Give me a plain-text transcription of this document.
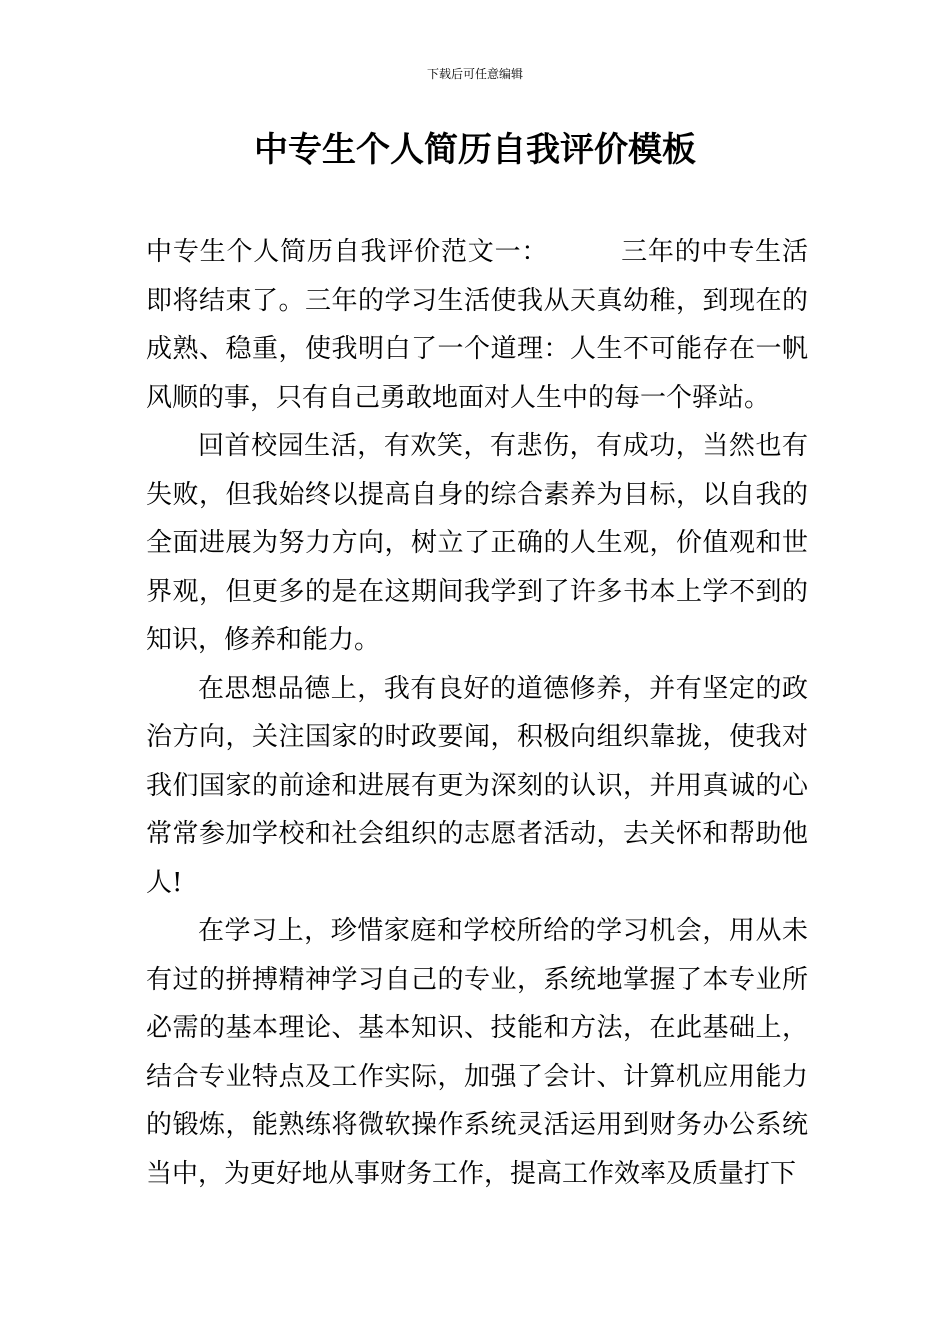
下载后可任意编辑
中专生个人简历自我评价模板

中专生个人简历自我评价范文一：	三年的中专生活即将结束了。三年的学习生活使我从天真幼稚，到现在的成熟、稳重，使我明白了一个道理：人生不可能存在一帆风顺的事，只有自己勇敢地面对人生中的每一个驿站。

回首校园生活，有欢笑，有悲伤，有成功，当然也有失败，但我始终以提高自身的综合素养为目标，以自我的全面进展为努力方向，树立了正确的人生观，价值观和世界观，但更多的是在这期间我学到了许多书本上学不到的知识，修养和能力。

在思想品德上，我有良好的道德修养，并有坚定的政治方向，关注国家的时政要闻，积极向组织靠拢，使我对我们国家的前途和进展有更为深刻的认识，并用真诚的心常常参加学校和社会组织的志愿者活动，去关怀和帮助他人!

在学习上，珍惜家庭和学校所给的学习机会，用从未有过的拼搏精神学习自己的专业，系统地掌握了本专业所必需的基本理论、基本知识、技能和方法，在此基础上，结合专业特点及工作实际，加强了会计、计算机应用能力的锻炼，能熟练将微软操作系统灵活运用到财务办公系统当中，为更好地从事财务工作，提高工作效率及质量打下
